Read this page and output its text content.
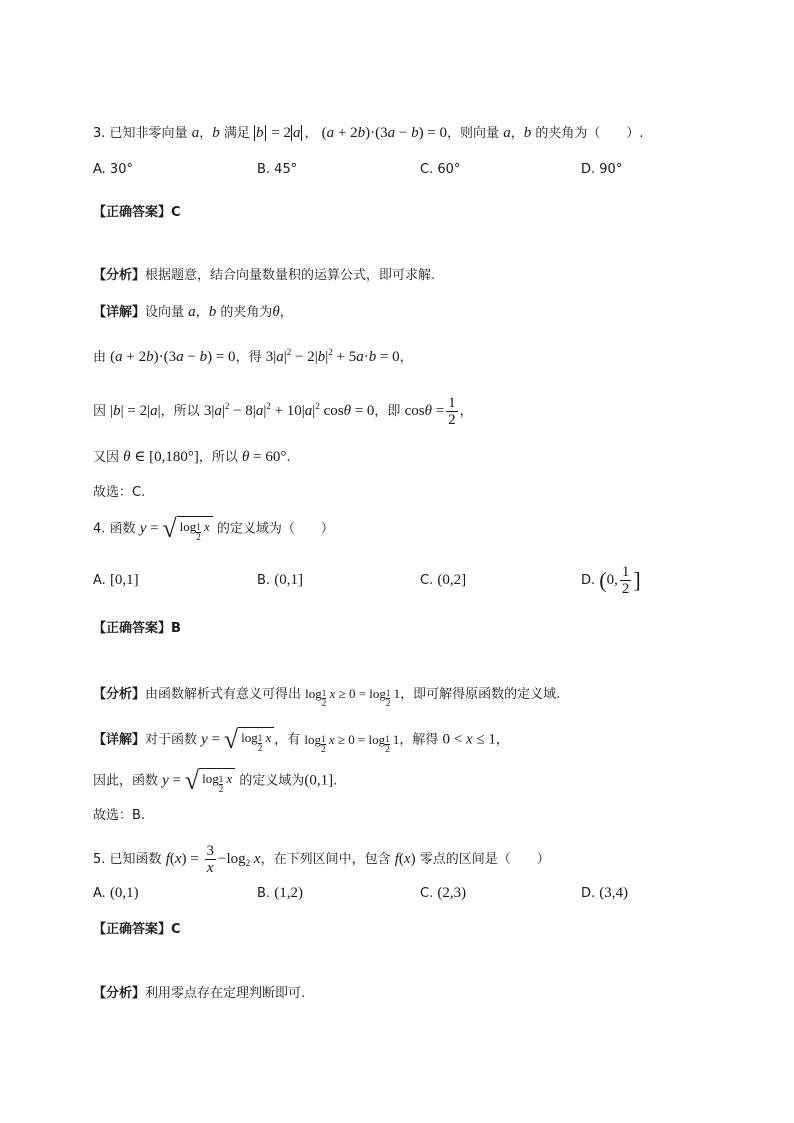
3. 已知非零向量 a，b 满足 b = 2 a ， (a + 2b)·(3a − b) = 0，则向量 a，b 的夹角为（　　）.
A. 30°	B. 45°	C. 60°	D. 90°
【正确答案】C
【分析】根据题意，结合向量数量积的运算公式，即可求解.
【详解】设向量 a，b 的夹角为θ，
由 (a + 2b)·(3a − b) = 0，得 $3|a|^2 - 2|b|^2 + 5a\cdot b = 0$，
因 |b| = 2|a|，所以 $3|a|^2 - 8|a|^2 + 10|a|^2$ cosθ = 0，即 $\cos\theta = \frac{1}{2}$ ，
又因 θ ∈ [0,180°]，所以 θ = 60°.
故选：C.
4. 函数 y = √ log $_{\frac{1}{2}}$ x 的定义域为（　　）
A. [0,1]	B. (0,1]	C. (0,2]	D. (0, $\frac{1}{2}$ ]
【正确答案】B
【分析】由函数解析式有意义可得出 log $_{\frac{1}{2}}$ x ≥ 0 = log $_{\frac{1}{2}}$ 1，即可解得原函数的定义域.
【详解】对于函数 y = √ log $_{\frac{1}{2}}$ x ，有 log $_{\frac{1}{2}}$ x ≥ 0 = log $_{\frac{1}{2}}$ 1，解得 0 < x ≤ 1，
因此，函数 y = √ log $_{\frac{1}{2}}$ x 的定义域为(0,1].
故选：B.
5. 已知函数 $f(x) = \frac{3}{x} -\log_2$ x，在下列区间中，包含 f(x) 零点的区间是（　　）
A. (0,1)	B. (1,2)	C. (2,3)	D. (3,4)
【正确答案】C
【分析】利用零点存在定理判断即可.
